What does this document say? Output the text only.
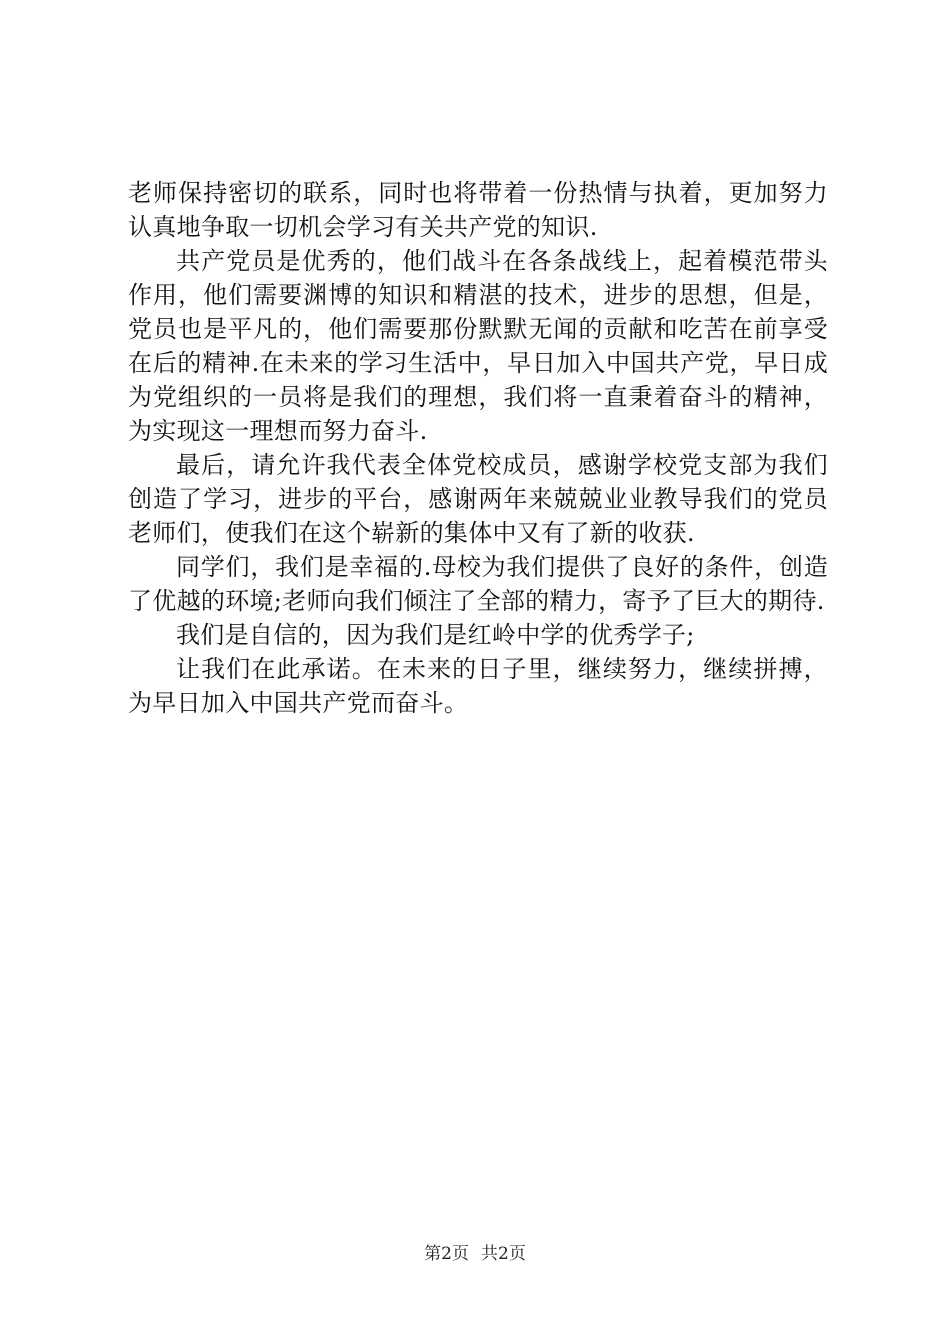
老师保持密切的联系，同时也将带着一份热情与执着，更加努力认真地争取一切机会学习有关共产党的知识.

共产党员是优秀的，他们战斗在各条战线上，起着模范带头作用，他们需要渊博的知识和精湛的技术，进步的思想，但是，党员也是平凡的，他们需要那份默默无闻的贡献和吃苦在前享受在后的精神.在未来的学习生活中，早日加入中国共产党，早日成为党组织的一员将是我们的理想，我们将一直秉着奋斗的精神，为实现这一理想而努力奋斗.

最后，请允许我代表全体党校成员，感谢学校党支部为我们创造了学习，进步的平台，感谢两年来兢兢业业教导我们的党员老师们，使我们在这个崭新的集体中又有了新的收获.

同学们，我们是幸福的.母校为我们提供了良好的条件，创造了优越的环境;老师向我们倾注了全部的精力，寄予了巨大的期待.

我们是自信的，因为我们是红岭中学的优秀学子;

让我们在此承诺。在未来的日子里，继续努力，继续拼搏，为早日加入中国共产党而奋斗。

第2页 共2页
